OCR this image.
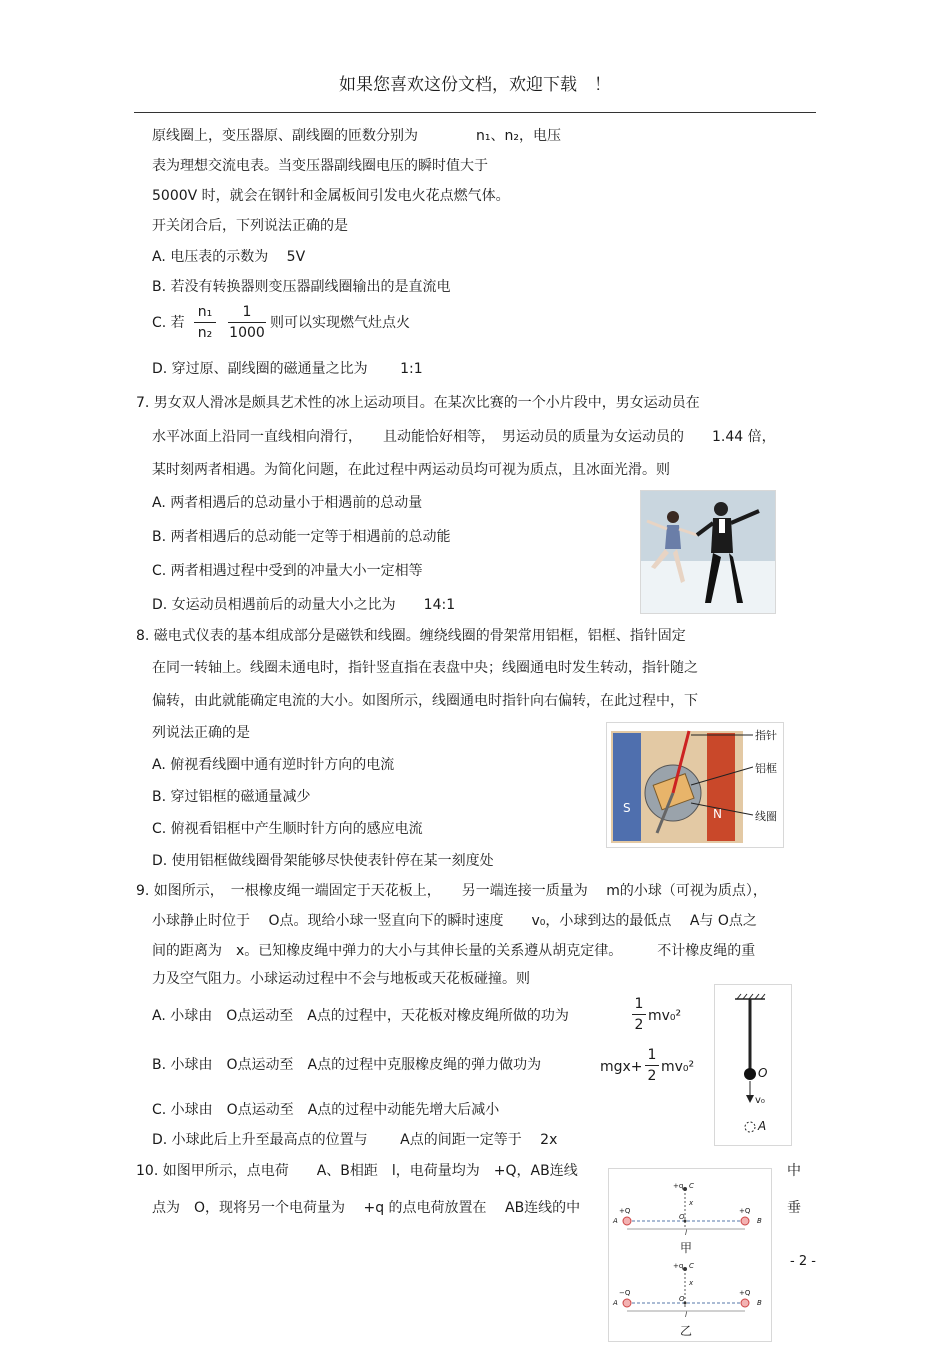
如果您喜欢这份文档，欢迎下载　！
原线圈上，变压器原、副线圈的匝数分别为	n₁、n₂，电压
表为理想交流电表。当变压器副线圈电压的瞬时值大于
5000V 时，就会在钢针和金属板间引发电火花点燃气体。
开关闭合后，下列说法正确的是
A. 电压表的示数为　 5V
B. 若没有转换器则变压器副线圈输出的是直流电
C. 若
n₁
n₂
1
1000
则可以实现燃气灶点火
D. 穿过原、副线圈的磁通量之比为　　 1:1
7. 男女双人滑冰是颇具艺术性的冰上运动项目。在某次比赛的一个小片段中，男女运动员在
水平冰面上沿同一直线相向滑行，　　且动能恰好相等，　男运动员的质量为女运动员的　　1.44 倍，
某时刻两者相遇。为简化问题，在此过程中两运动员均可视为质点，且冰面光滑。则
A. 两者相遇后的总动量小于相遇前的总动量
B. 两者相遇后的总动能一定等于相遇前的总动能
C. 两者相遇过程中受到的冲量大小一定相等
D. 女运动员相遇前后的动量大小之比为　　14:1
8. 磁电式仪表的基本组成部分是磁铁和线圈。缠绕线圈的骨架常用铝框，铝框、指针固定
在同一转轴上。线圈未通电时，指针竖直指在表盘中央；线圈通电时发生转动，指针随之
偏转，由此就能确定电流的大小。如图所示，线圈通电时指针向右偏转，在此过程中，下
列说法正确的是
A. 俯视看线圈中通有逆时针方向的电流
B. 穿过铝框的磁通量减少
C. 俯视看铝框中产生顺时针方向的感应电流
D. 使用铝框做线圈骨架能够尽快使表针停在某一刻度处
指针
铝框
线圈
S	N
9. 如图所示，　一根橡皮绳一端固定于天花板上，　　另一端连接一质量为　 m的小球（可视为质点），
小球静止时位于　 O点。现给小球一竖直向下的瞬时速度　　v₀，小球到达的最低点　 A与 O点之
间的距离为　x。已知橡皮绳中弹力的大小与其伸长量的关系遵从胡克定律。　　　不计橡皮绳的重
力及空气阻力。小球运动过程中不会与地板或天花板碰撞。则
A. 小球由　O点运动至　A点的过程中，天花板对橡皮绳所做的功为
1
2
mv₀²
B. 小球由　O点运动至　A点的过程中克服橡皮绳的弹力做功为	mgx+
1
2
mv₀²
C. 小球由　O点运动至　A点的过程中动能先增大后减小
D. 小球此后上升至最高点的位置与　　 A点的间距一定等于　 2x
O
v₀
A
10. 如图甲所示，点电荷　　A、B相距　l，电荷量均为　+Q，AB连线	中
点为　O，现将另一个电荷量为　 +q 的点电荷放置在　 AB连线的中	垂
+q C
x
+Q
A	O
l
+Q
B
甲
+q C
x
−Q
A	O
l
+Q
B
乙
- 2 -
